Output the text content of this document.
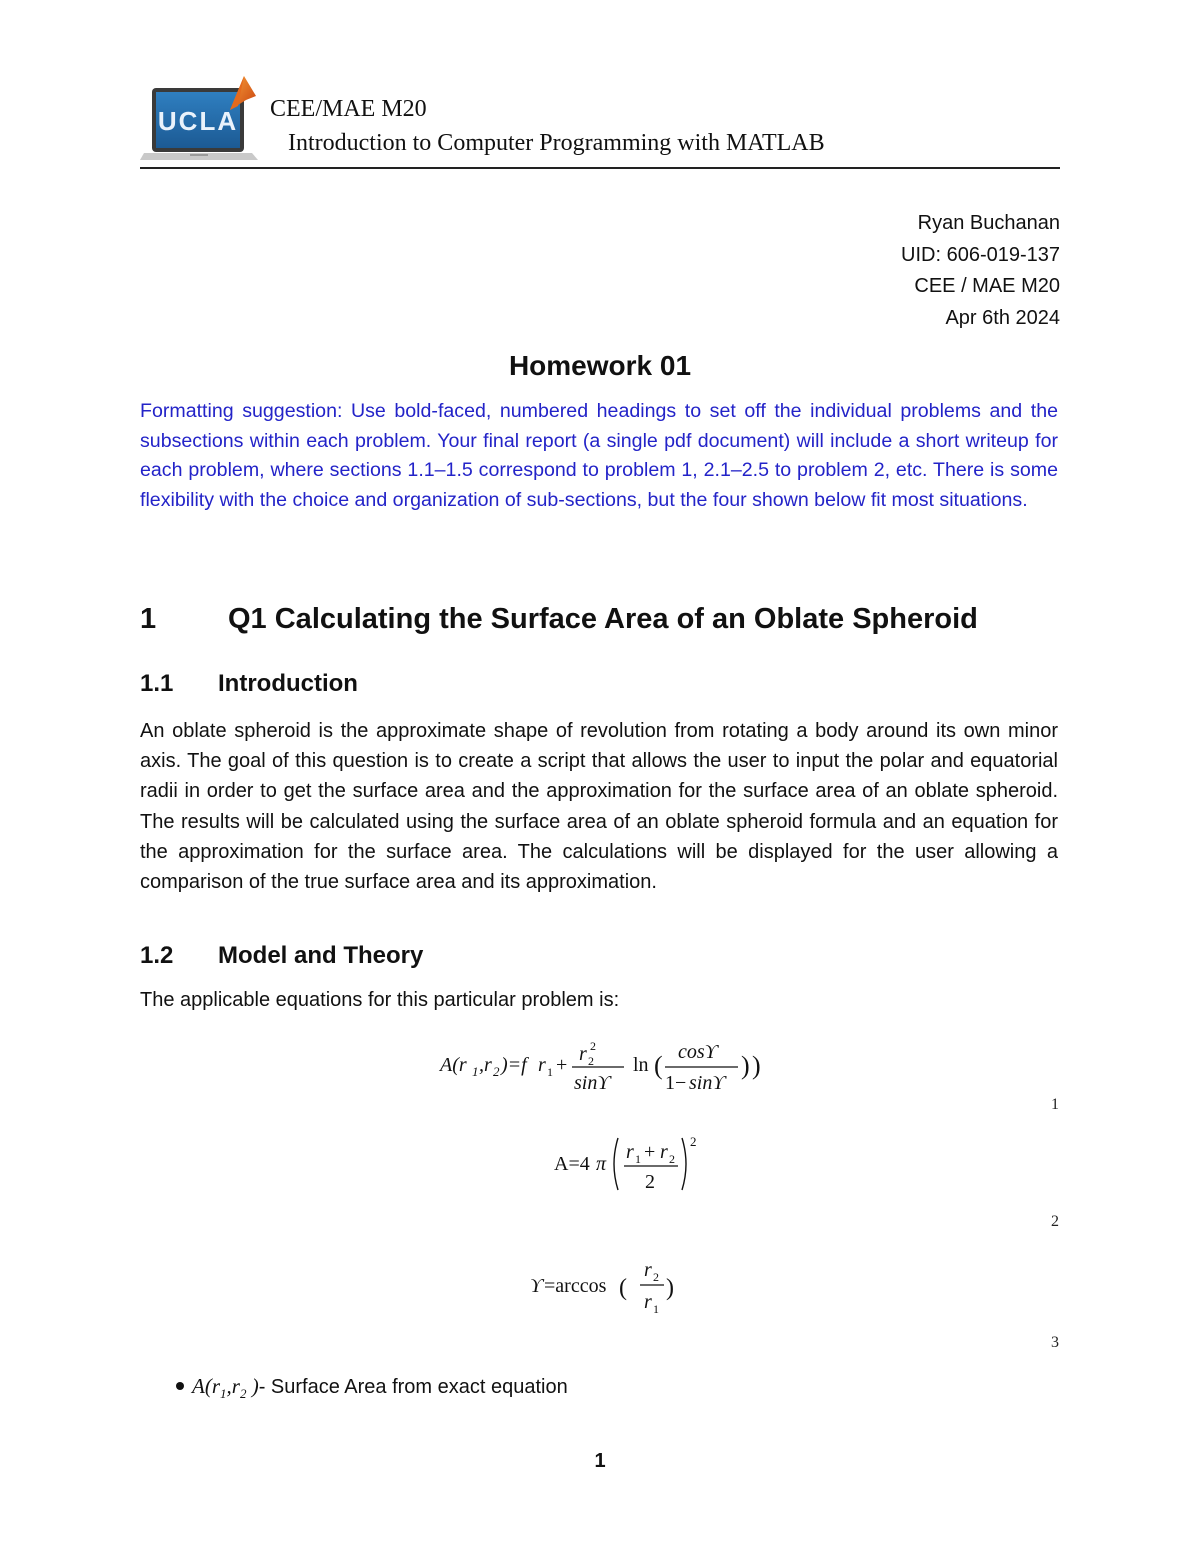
UCLA CEE/MAE M20
Introduction to Computer Programming with MATLAB
Ryan Buchanan
UID: 606-019-137
CEE / MAE M20
Apr 6th 2024
Homework 01
Formatting suggestion: Use bold-faced, numbered headings to set off the individual problems and the subsections within each problem. Your final report (a single pdf document) will include a short writeup for each problem, where sections 1.1–1.5 correspond to problem 1, 2.1–2.5 to problem 2, etc. There is some flexibility with the choice and organization of sub-sections, but the four shown below fit most situations.
1 Q1 Calculating the Surface Area of an Oblate Spheroid
1.1 Introduction
An oblate spheroid is the approximate shape of revolution from rotating a body around its own minor axis. The goal of this question is to create a script that allows the user to input the polar and equatorial radii in order to get the surface area and the approximation for the surface area of an oblate spheroid. The results will be calculated using the surface area of an oblate spheroid formula and an equation for the approximation for the surface area. The calculations will be displayed for the user allowing a comparison of the true surface area and its approximation.
1.2 Model and Theory
The applicable equations for this particular problem is:
A(r 1 ,r 2 )=f r 1 + r 2
2
sinϒ
ln ( cosϒ
1− sinϒ
) )
1
A=4 π
r 1 + r 2
2
2
2
ϒ =arccos (
r 2
r 1
)
3
$A(r_1,r_2$ )- Surface Area from exact equation
1
